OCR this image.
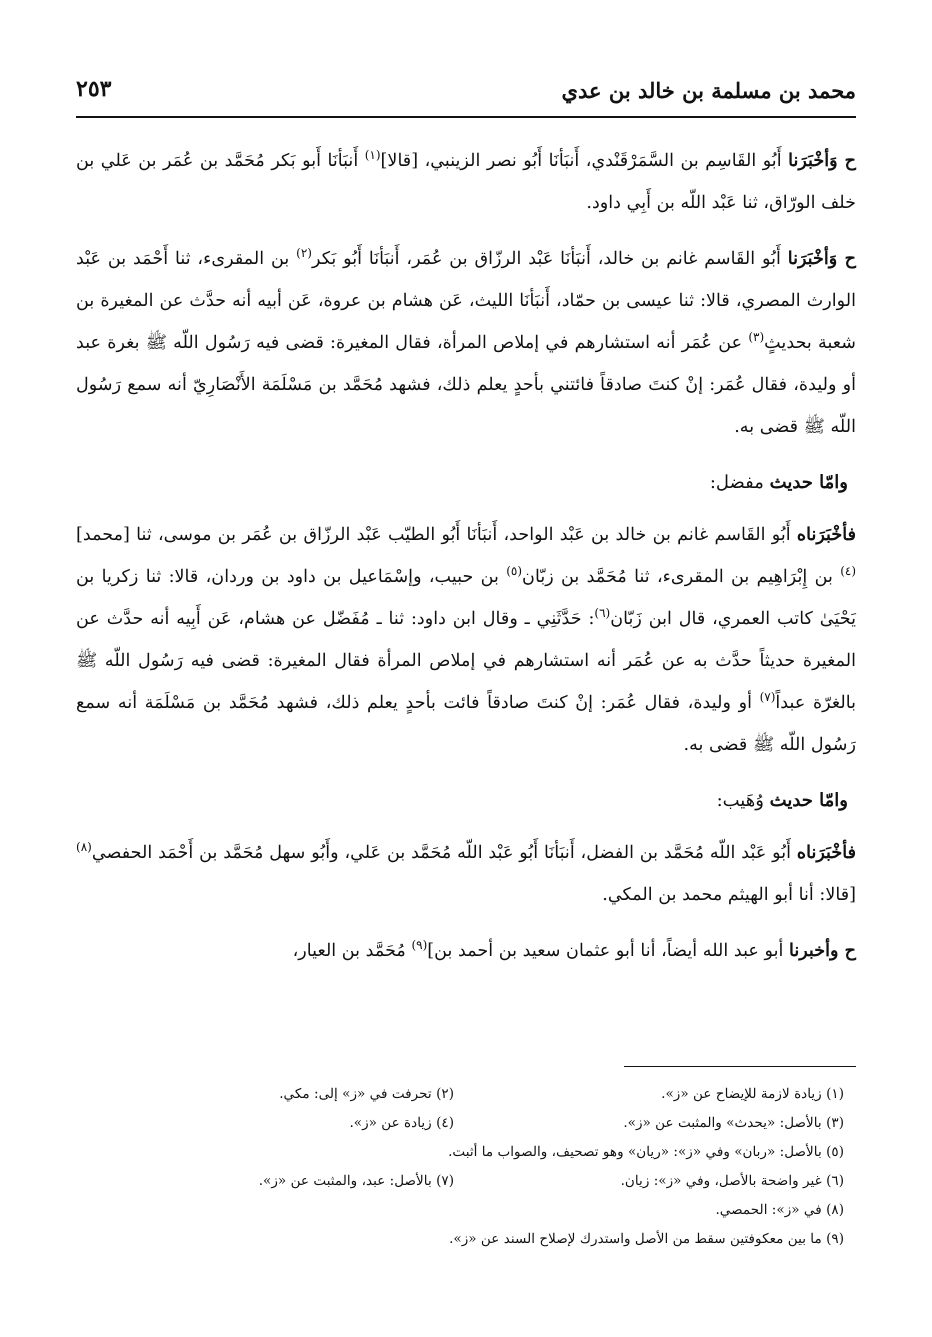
محمد بن مسلمة بن خالد بن عدي
٢٥٣

ح وَأخْبَرَنا أَبُو القَاسِم بن السَّمَرْقَنْدي، أَنبَأنَا أَبُو نصر الزينبي، [قالا]$^{(١)}$ أَنبَأنَا أَبو بَكر مُحَمَّد بن عُمَر بن عَلي بن خلف الورّاق، ثنا عَبْد اللّه بن أَبِي داود.

ح وَأخْبَرَنا أَبُو القَاسم غانم بن خالد، أَنبَأنَا عَبْد الرزّاق بن عُمَر، أَنبَأنَا أَبُو بَكر$^{(٢)}$ بن المقرىء، ثنا أَحْمَد بن عَبْد الوارث المصري، قالا: ثنا عيسى بن حمّاد، أَنبَأنَا الليث، عَن هشام بن عروة، عَن أبيه أنه حدَّث عن المغيرة بن شعبة بحديثٍ$^{(٣)}$ عن عُمَر أنه استشارهم في إملاص المرأة، فقال المغيرة: قضى فيه رَسُول اللّه ﷺ بغرة عبد أو وليدة، فقال عُمَر: إنْ كنتَ صادقاً فائتني بأحدٍ يعلم ذلك، فشهد مُحَمَّد بن مَسْلَمَة الأَنْصَارِيّ أنه سمع رَسُول اللّه ﷺ قضى به.

وامّا حديث مفضل:

فأخْبَرَناه أَبُو القَاسم غانم بن خالد بن عَبْد الواحد، أَنبَأنَا أَبُو الطيّب عَبْد الرزّاق بن عُمَر بن موسى، ثنا [محمد]$^{(٤)}$ بن إِبْرَاهِيم بن المقرىء، ثنا مُحَمَّد بن زبّان$^{(٥)}$ بن حبيب، وإسْمَاعيل بن داود بن وردان، قالا: ثنا زكريا بن يَحْيَىٰ كاتب العمري، قال ابن زَبّان$^{(٦)}$: حَدَّثَنِي ـ وقال ابن داود: ثنا ـ مُفَضّل عن هشام، عَن أَبِيه أنه حدَّث عن المغيرة حديثاً حدَّث به عن عُمَر أنه استشارهم في إملاص المرأة فقال المغيرة: قضى فيه رَسُول اللّه ﷺ بالغرّة عبداً$^{(٧)}$ أو وليدة، فقال عُمَر: إنْ كنتَ صادقاً فائت بأحدٍ يعلم ذلك، فشهد مُحَمَّد بن مَسْلَمَة أنه سمع رَسُول اللّه ﷺ قضى به.

وامّا حديث وُهَيب:

فأخْبَرَناه أَبُو عَبْد اللّه مُحَمَّد بن الفضل، أَنبَأنَا أَبُو عَبْد اللّه مُحَمَّد بن عَلي، وأَبُو سهل مُحَمَّد بن أَحْمَد الحفصي$^{(٨)}$ [قالا: أنا أبو الهيثم محمد بن المكي.

ح وأخبرنا أبو عبد الله أيضاً، أنا أبو عثمان سعيد بن أحمد بن]$^{(٩)}$ مُحَمَّد بن العيار،

(١) زيادة لازمة للإيضاح عن «ز».
(٢) تحرفت في «ز» إلى: مكي.
(٣) بالأصل: «يحدث» والمثبت عن «ز».
(٤) زيادة عن «ز».
(٥) بالأصل: «ربان» وفي «ز»: «ريان» وهو تصحيف، والصواب ما أثبت.
(٦) غير واضحة بالأصل، وفي «ز»: زيان.
(٧) بالأصل: عبد، والمثبت عن «ز».
(٨) في «ز»: الحمصي.
(٩) ما بين معكوفتين سقط من الأصل واستدرك لإصلاح السند عن «ز».
